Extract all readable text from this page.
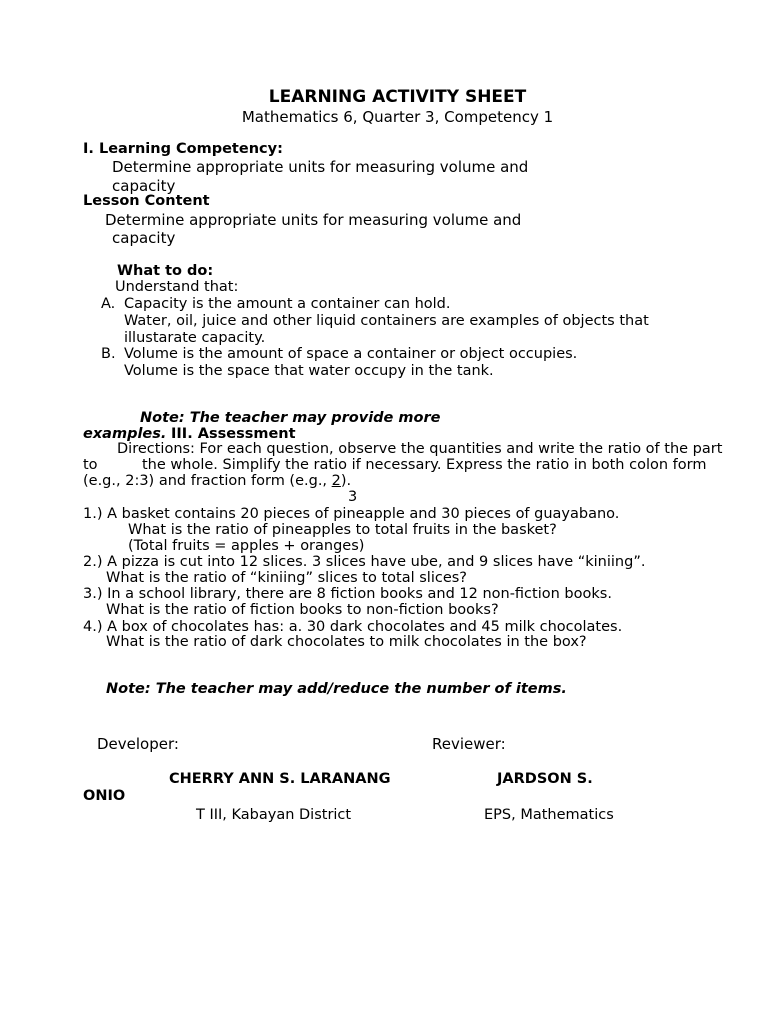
LEARNING ACTIVITY SHEET
Mathematics 6, Quarter 3, Competency 1
I. Learning Competency:
Determine appropriate units for measuring volume and
capacity
Lesson Content
Determine appropriate units for measuring volume and
capacity
What to do:
Understand that:
A. Capacity is the amount a container can hold.
Water, oil, juice and other liquid containers are examples of objects that
illustarate capacity.
B. Volume is the amount of space a container or object occupies.
Volume is the space that water occupy in the tank.
Note: The teacher may provide more
examples. III. Assessment
Directions: For each question, observe the quantities and write the ratio of the part
to	the whole. Simplify the ratio if necessary. Express the ratio in both colon form
(e.g., 2:3) and fraction form (e.g., 2).
3
1.) A basket contains 20 pieces of pineapple and 30 pieces of guayabano.
What is the ratio of pineapples to total fruits in the basket?
(Total fruits = apples + oranges)
2.) A pizza is cut into 12 slices. 3 slices have ube, and 9 slices have “kiniing”.
What is the ratio of “kiniing” slices to total slices?
3.) In a school library, there are 8 fiction books and 12 non-fiction books.
What is the ratio of fiction books to non-fiction books?
4.) A box of chocolates has: a. 30 dark chocolates and 45 milk chocolates.
What is the ratio of dark chocolates to milk chocolates in the box?
Note: The teacher may add/reduce the number of items.
Developer:	Reviewer:
CHERRY ANN S. LARANANG	JARDSON S.
ONIO
T III, Kabayan District	EPS, Mathematics
